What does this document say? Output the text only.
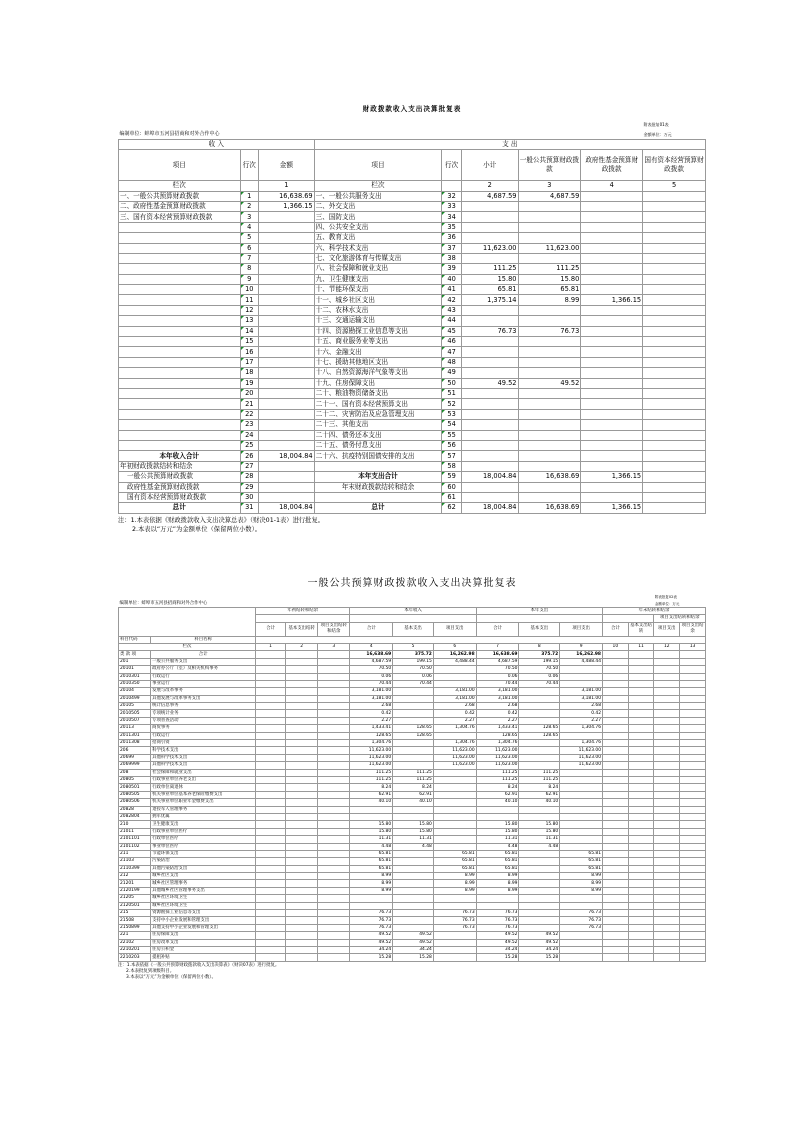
财政拨款收入支出决算批复表								
								附表批复01表
编制单位：蚌埠市五河县招商和对外合作中心								金额单位：万元
收 入			支 出					
项目	行次	金额	项目	行次	小计	一般公共预算财政拨款	政府性基金预算财政拨款	国有资本经营预算财政拨款
栏次		1	栏次		2	3	4	5
一、一般公共预算财政拨款	1	16,638.69	一、一般公共服务支出	32	4,687.59	4,687.59		
二、政府性基金预算财政拨款	2	1,366.15	二、外交支出	33				
三、国有资本经营预算财政拨款	3		三、国防支出	34				
	4		四、公共安全支出	35				
	5		五、教育支出	36				
	6		六、科学技术支出	37	11,623.00	11,623.00		
	7		七、文化旅游体育与传媒支出	38				
	8		八、社会保障和就业支出	39	111.25	111.25		
	9		九、卫生健康支出	40	15.80	15.80		
	10		十、节能环保支出	41	65.81	65.81		
	11		十一、城乡社区支出	42	1,375.14	8.99	1,366.15	
	12		十二、农林水支出	43				
	13		十三、交通运输支出	44				
	14		十四、资源勘探工业信息等支出	45	76.73	76.73		
	15		十五、商业服务业等支出	46				
	16		十六、金融支出	47				
	17		十七、援助其他地区支出	48				
	18		十八、自然资源海洋气象等支出	49				
	19		十九、住房保障支出	50	49.52	49.52		
	20		二十、粮油物资储备支出	51				
	21		二十一、国有资本经营预算支出	52				
	22		二十二、灾害防治及应急管理支出	53				
	23		二十三、其他支出	54				
	24		二十四、债务还本支出	55				
	25		二十五、债务付息支出	56				
本年收入合计	26	18,004.84	二十六、抗疫特别国债安排的支出	57				
年初财政拨款结转和结余	27			58				
一般公共预算财政拨款	28		本年支出合计	59	18,004.84	16,638.69	1,366.15	
政府性基金预算财政拨款	29		年末财政拨款结转和结余	60				
国有资本经营预算财政拨款	30			61				
总计	31	18,004.84	总计	62	18,004.84	16,638.69	1,366.15	
注：1.本表依据《财政拨款收入支出决算总表》（财决01-1表）进行批复。
2.本表以“万元”为金额单位（保留两位小数）。
一般公共预算财政拨款收入支出决算批复表														
													附表批复02表	
编制单位：蚌埠市五河县招商和对外合作中心													金额单位：万元	
		年初结转和结余			本年收入			本年支出			年末结转和结余			
													项目支出结转和结余	
		合计	基本支出结转	项目支出结转和结余	合计	基本支出	项目支出	合计	基本支出	项目支出	合计	基本支出结转	项目支出	项目支出结余
科目代码	科目名称													
栏次		1	2	3	4	5	6	7	8	9	10	11	12	13
类 款 项	合计				16,638.69	375.72	16,262.98	16,638.69	375.72	16,262.98				
201	一般公共服务支出				4,687.59	199.15	4,488.44	4,687.59	199.15	4,488.44				
20101	政府办公厅（室）及相关机构事务				70.50	70.50		70.50	70.50					
2010301	行政运行				0.06	0.06		0.06	0.06					
2010350	事业运行				70.44	70.44		70.44	70.44					
20104	发展与改革事务				3,181.00		3,181.00	3,181.00		3,181.00				
2010499	其他发展与改革事务支出				3,181.00		3,181.00	3,181.00		3,181.00				
20105	统计信息事务				2.68		2.68	2.68		2.68				
2010505	专项统计业务				0.42		0.42	0.42		0.42				
2010507	专项普查活动				2.27		2.27	2.27		2.27				
20113	商贸事务				1,433.41	128.65	1,304.76	1,433.41	128.65	1,304.76				
2011301	行政运行				128.65	128.65		128.65	128.65					
2011308	招商引资				1,304.76		1,304.76	1,304.76		1,304.76				
206	科学技术支出				11,623.00		11,623.00	11,623.00		11,623.00				
20699	其他科学技术支出				11,623.00		11,623.00	11,623.00		11,623.00				
2069999	其他科学技术支出				11,623.00		11,623.00	11,623.00		11,623.00				
208	社会保障和就业支出				111.25	111.25		111.25	111.25					
20805	行政事业单位养老支出				111.25	111.25		111.25	111.25					
2080501	行政单位离退休				8.24	8.24		8.24	8.24					
2080505	机关事业单位基本养老保险缴费支出				62.91	62.91		62.91	62.91					
2080506	机关事业单位职业年金缴费支出				40.10	40.10		40.10	40.10					
20828	退役军人管理事务													
2082804	拥军优属													
210	卫生健康支出				15.80	15.80		15.80	15.80					
21011	行政事业单位医疗				15.80	15.80		15.80	15.80					
2101101	行政单位医疗				11.31	11.31		11.31	11.31					
2101102	事业单位医疗				4.48	4.48		4.48	4.48					
211	节能环保支出				65.81		65.81	65.81		65.81				
21103	污染防治				65.81		65.81	65.81		65.81				
2110399	其他污染防治支出				65.81		65.81	65.81		65.81				
212	城乡社区支出				8.99		8.99	8.99		8.99				
21201	城乡社区管理事务				8.99		8.99	8.99		8.99				
2120199	其他城乡社区管理事务支出				8.99		8.99	8.99		8.99				
21205	城乡社区环境卫生													
2120501	城乡社区环境卫生													
215	资源勘探工业信息等支出				76.73		76.73	76.73		76.73				
21508	支持中小企业发展和管理支出				76.73		76.73	76.73		76.73				
2150899	其他支持中小企业发展和管理支出				76.73		76.73	76.73		76.73				
221	住房保障支出				49.52	49.52		49.52	49.52					
22102	住房改革支出				49.52	49.52		49.52	49.52					
2210201	住房公积金				34.24	34.24		34.24	34.24					
2210203	提租补贴				15.28	15.28		15.28	15.28					
注：1.本表依据《一般公共预算财政拨款收入支出决算表》（财决07表）进行批复。
2.本表批复到项级科目。
3.本表以“万元”为金额单位（保留两位小数）。
